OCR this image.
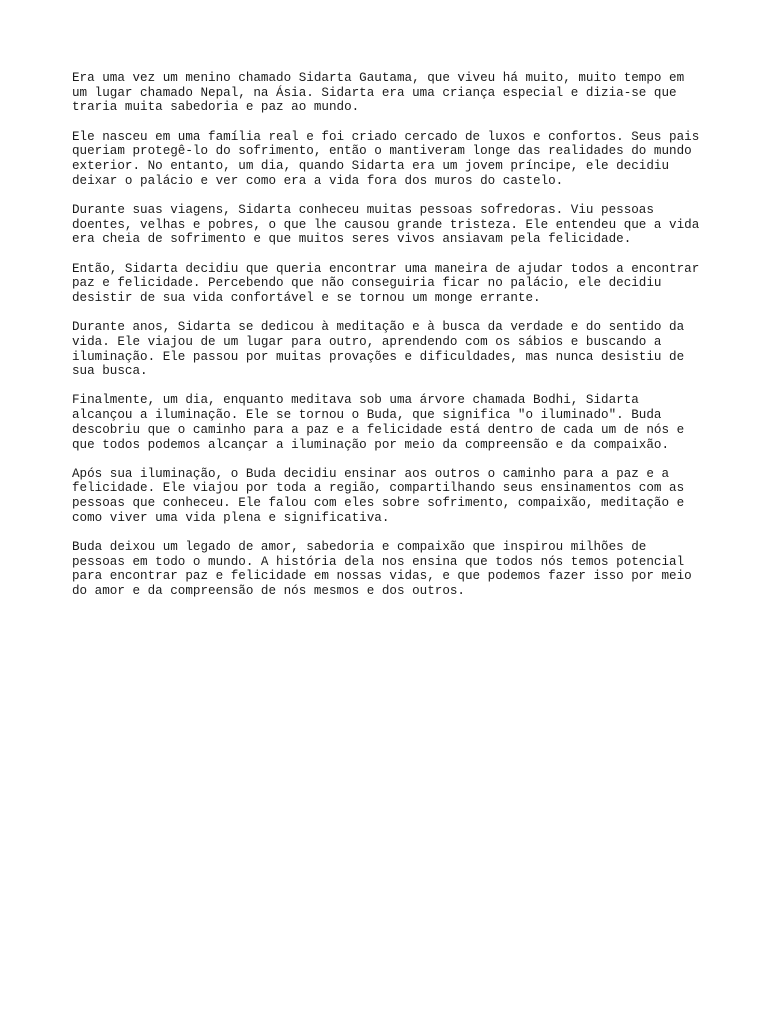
Era uma vez um menino chamado Sidarta Gautama, que viveu há muito, muito tempo em
um lugar chamado Nepal, na Ásia. Sidarta era uma criança especial e dizia-se que
traria muita sabedoria e paz ao mundo.

Ele nasceu em uma família real e foi criado cercado de luxos e confortos. Seus pais
queriam protegê-lo do sofrimento, então o mantiveram longe das realidades do mundo
exterior. No entanto, um dia, quando Sidarta era um jovem príncipe, ele decidiu
deixar o palácio e ver como era a vida fora dos muros do castelo.

Durante suas viagens, Sidarta conheceu muitas pessoas sofredoras. Viu pessoas
doentes, velhas e pobres, o que lhe causou grande tristeza. Ele entendeu que a vida
era cheia de sofrimento e que muitos seres vivos ansiavam pela felicidade.

Então, Sidarta decidiu que queria encontrar uma maneira de ajudar todos a encontrar
paz e felicidade. Percebendo que não conseguiria ficar no palácio, ele decidiu
desistir de sua vida confortável e se tornou um monge errante.

Durante anos, Sidarta se dedicou à meditação e à busca da verdade e do sentido da
vida. Ele viajou de um lugar para outro, aprendendo com os sábios e buscando a
iluminação. Ele passou por muitas provações e dificuldades, mas nunca desistiu de
sua busca.

Finalmente, um dia, enquanto meditava sob uma árvore chamada Bodhi, Sidarta
alcançou a iluminação. Ele se tornou o Buda, que significa "o iluminado". Buda
descobriu que o caminho para a paz e a felicidade está dentro de cada um de nós e
que todos podemos alcançar a iluminação por meio da compreensão e da compaixão.

Após sua iluminação, o Buda decidiu ensinar aos outros o caminho para a paz e a
felicidade. Ele viajou por toda a região, compartilhando seus ensinamentos com as
pessoas que conheceu. Ele falou com eles sobre sofrimento, compaixão, meditação e
como viver uma vida plena e significativa.

Buda deixou um legado de amor, sabedoria e compaixão que inspirou milhões de
pessoas em todo o mundo. A história dela nos ensina que todos nós temos potencial
para encontrar paz e felicidade em nossas vidas, e que podemos fazer isso por meio
do amor e da compreensão de nós mesmos e dos outros.
